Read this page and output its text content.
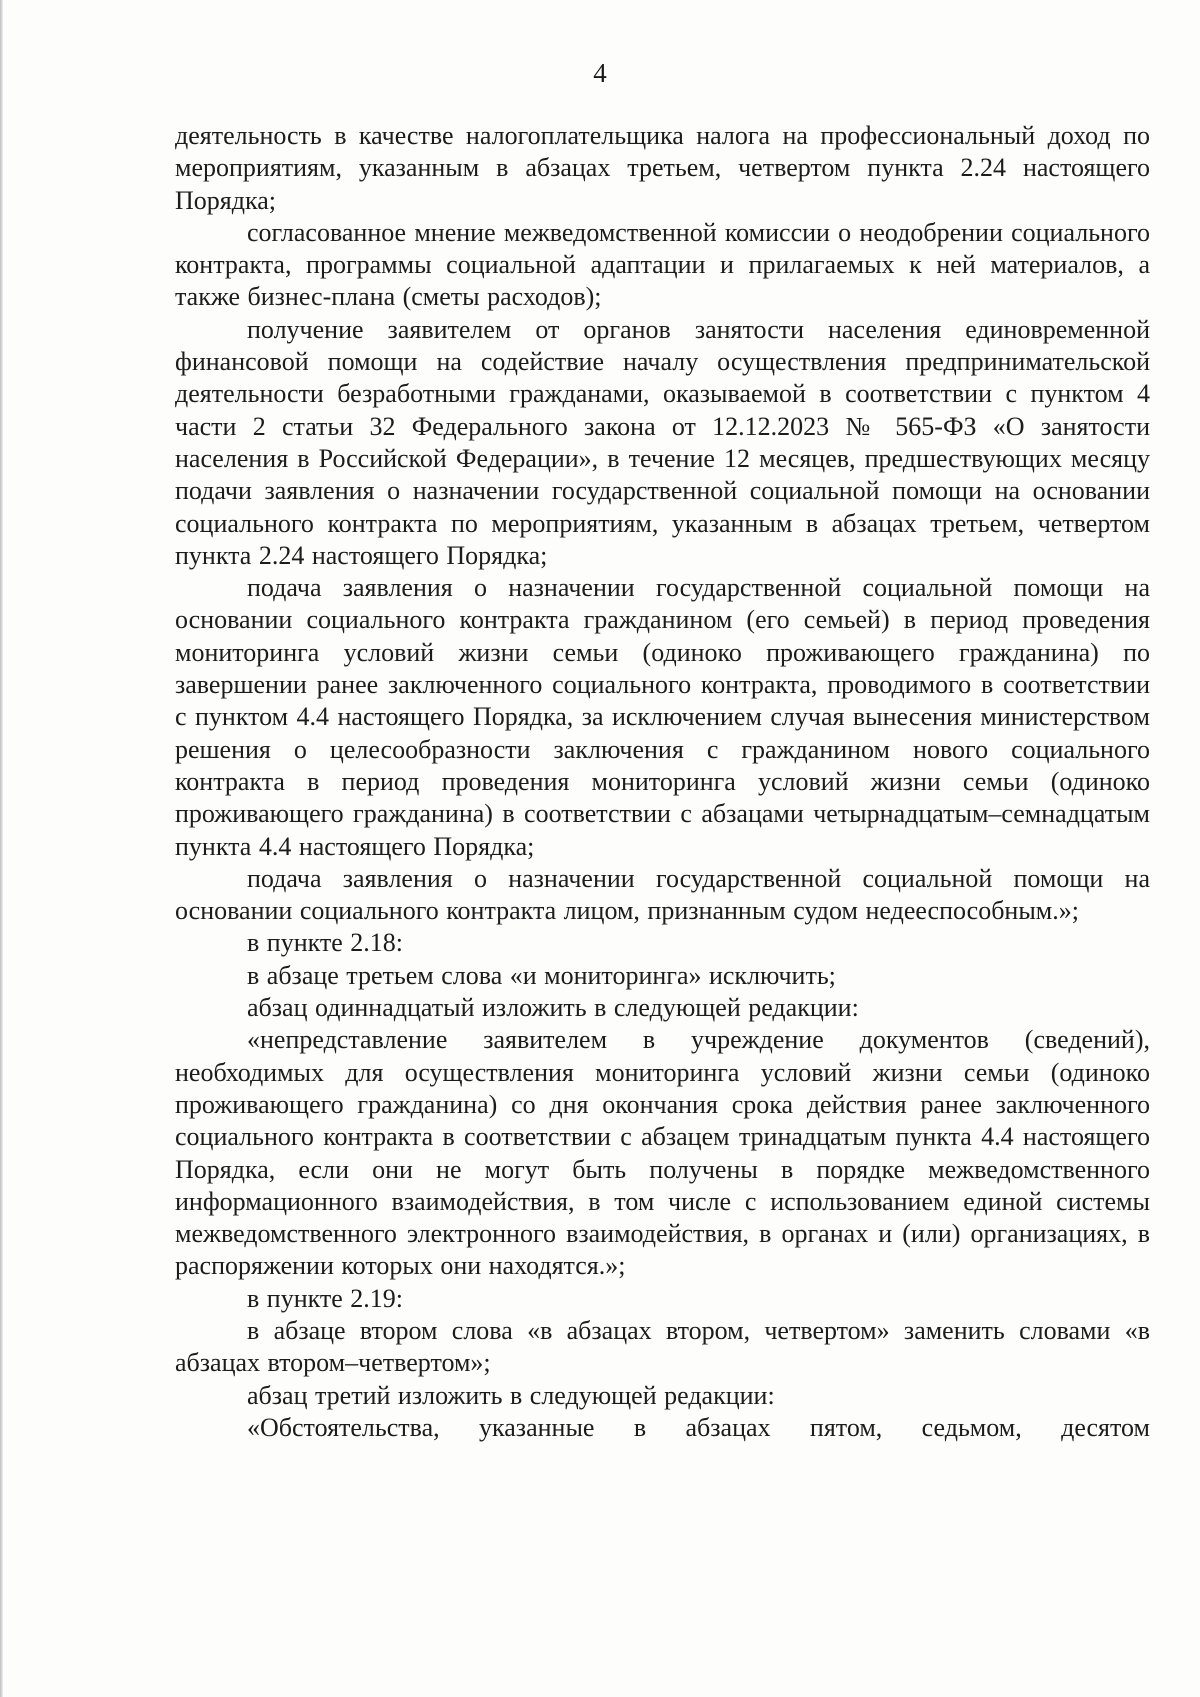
4

деятельность в качестве налогоплательщика налога на профессиональный доход по мероприятиям, указанным в абзацах третьем, четвертом пункта 2.24 настоящего Порядка;

согласованное мнение межведомственной комиссии о неодобрении социального контракта, программы социальной адаптации и прилагаемых к ней материалов, а также бизнес-плана (сметы расходов);

получение заявителем от органов занятости населения единовременной финансовой помощи на содействие началу осуществления предпринимательской деятельности безработными гражданами, оказываемой в соответствии с пунктом 4 части 2 статьи 32 Федерального закона от 12.12.2023 № 565-ФЗ «О занятости населения в Российской Федерации», в течение 12 месяцев, предшествующих месяцу подачи заявления о назначении государственной социальной помощи на основании социального контракта по мероприятиям, указанным в абзацах третьем, четвертом пункта 2.24 настоящего Порядка;

подача заявления о назначении государственной социальной помощи на основании социального контракта гражданином (его семьей) в период проведения мониторинга условий жизни семьи (одиноко проживающего гражданина) по завершении ранее заключенного социального контракта, проводимого в соответствии с пунктом 4.4 настоящего Порядка, за исключением случая вынесения министерством решения о целесообразности заключения с гражданином нового социального контракта в период проведения мониторинга условий жизни семьи (одиноко проживающего гражданина) в соответствии с абзацами четырнадцатым–семнадцатым пункта 4.4 настоящего Порядка;

подача заявления о назначении государственной социальной помощи на основании социального контракта лицом, признанным судом недееспособным.»;

в пункте 2.18:

в абзаце третьем слова «и мониторинга» исключить;

абзац одиннадцатый изложить в следующей редакции:

«непредставление заявителем в учреждение документов (сведений), необходимых для осуществления мониторинга условий жизни семьи (одиноко проживающего гражданина) со дня окончания срока действия ранее заключенного социального контракта в соответствии с абзацем тринадцатым пункта 4.4 настоящего Порядка, если они не могут быть получены в порядке межведомственного информационного взаимодействия, в том числе с использованием единой системы межведомственного электронного взаимодействия, в органах и (или) организациях, в распоряжении которых они находятся.»;

в пункте 2.19:

в абзаце втором слова «в абзацах втором, четвертом» заменить словами «в абзацах втором–четвертом»;

абзац третий изложить в следующей редакции:

«Обстоятельства, указанные в абзацах пятом, седьмом, десятом
